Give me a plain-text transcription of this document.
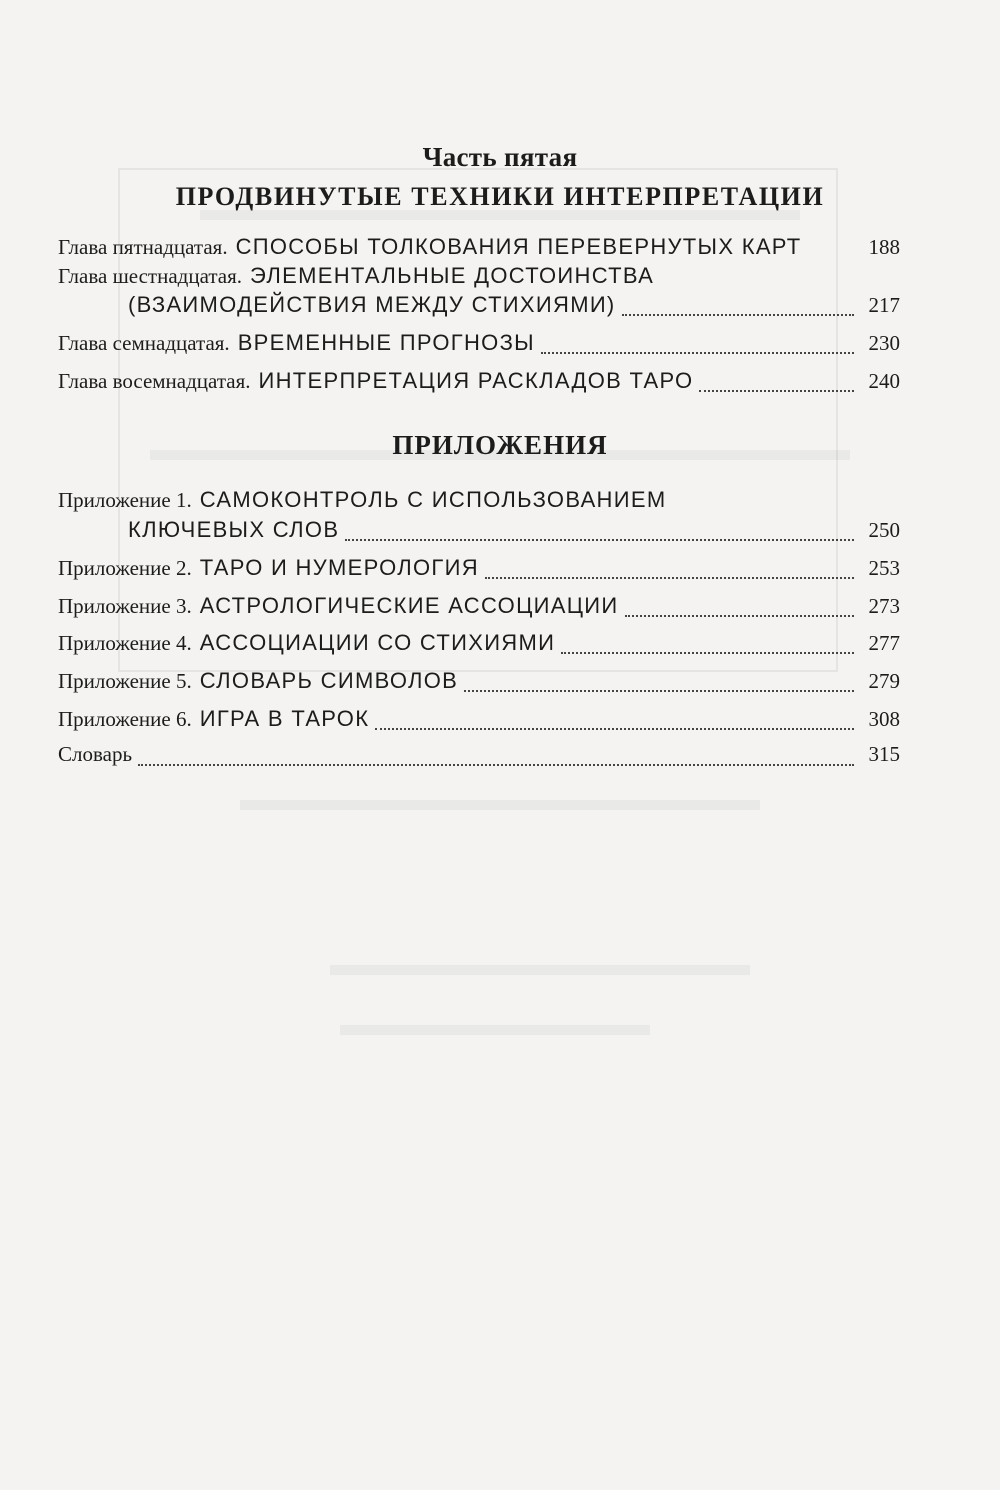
Часть пятая
ПРОДВИНУТЫЕ ТЕХНИКИ ИНТЕРПРЕТАЦИИ
Глава пятнадцатая. СПОСОБЫ ТОЛКОВАНИЯ ПЕРЕВЕРНУТЫХ КАРТ	188
Глава шестнадцатая. ЭЛЕМЕНТАЛЬНЫЕ ДОСТОИНСТВА
(ВЗАИМОДЕЙСТВИЯ МЕЖДУ СТИХИЯМИ)	217
Глава семнадцатая. ВРЕМЕННЫЕ ПРОГНОЗЫ	230
Глава восемнадцатая. ИНТЕРПРЕТАЦИЯ РАСКЛАДОВ ТАРО	240
ПРИЛОЖЕНИЯ
Приложение 1. САМОКОНТРОЛЬ С ИСПОЛЬЗОВАНИЕМ
КЛЮЧЕВЫХ СЛОВ	250
Приложение 2. ТАРО И НУМЕРОЛОГИЯ	253
Приложение 3. АСТРОЛОГИЧЕСКИЕ АССОЦИАЦИИ	273
Приложение 4. АССОЦИАЦИИ СО СТИХИЯМИ	277
Приложение 5. СЛОВАРЬ СИМВОЛОВ	279
Приложение 6. ИГРА В ТАРОК	308
Словарь	315
